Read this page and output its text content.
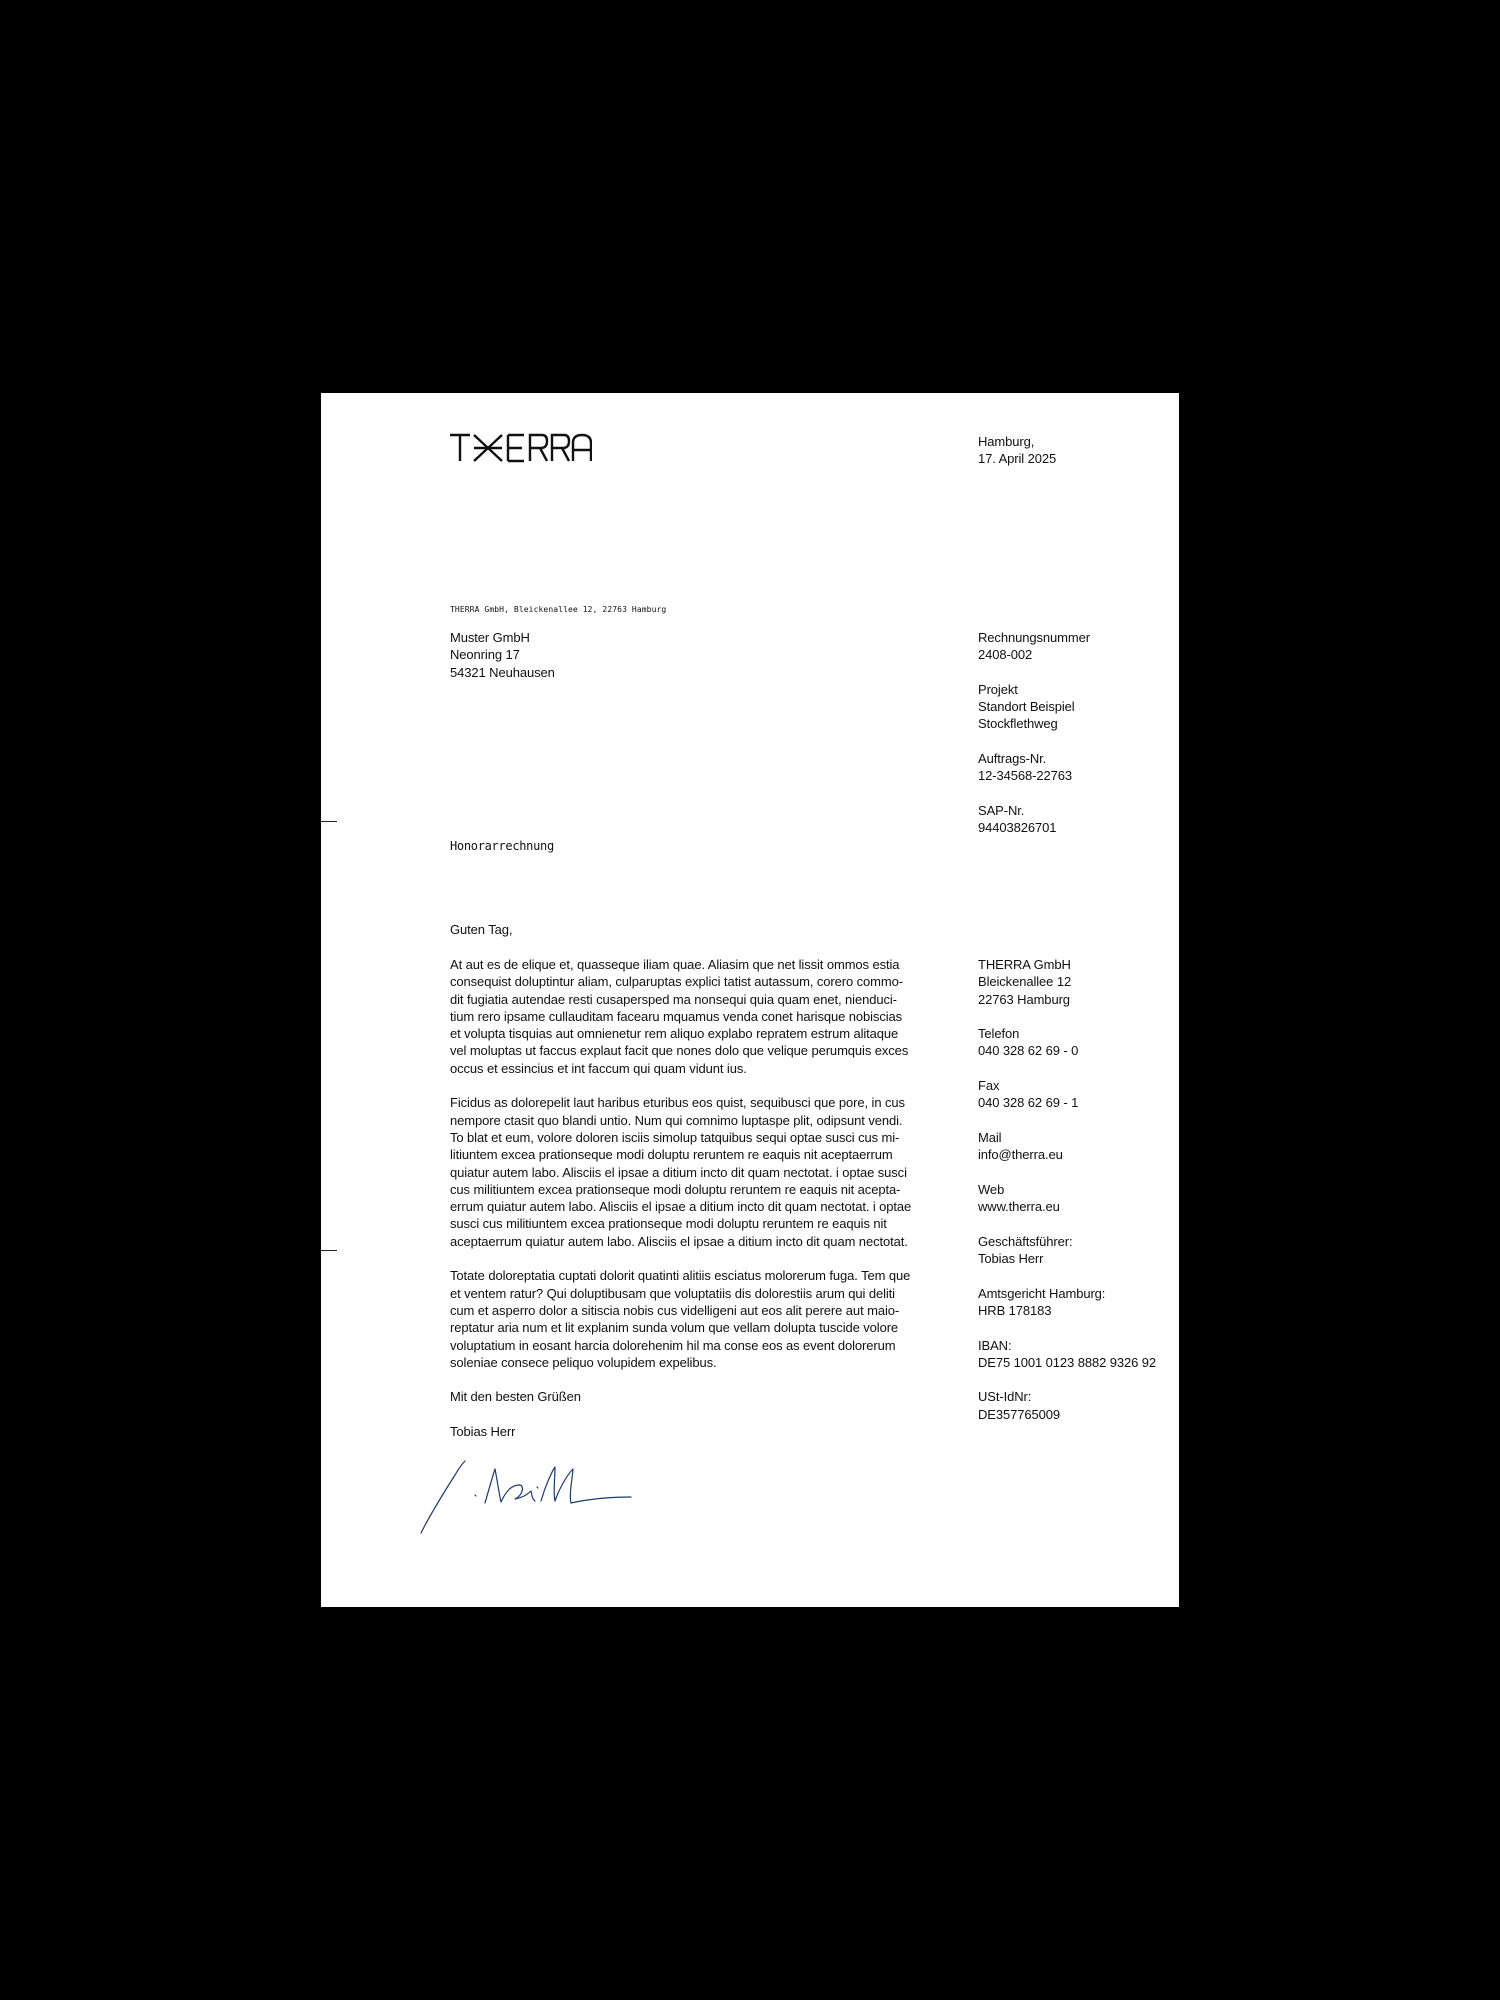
Hamburg,
17. April 2025
THERRA GmbH, Bleickenallee 12, 22763 Hamburg
Muster GmbH
Neonring 17
54321 Neuhausen
Rechnungsnummer
2408-002
Projekt
Standort Beispiel
Stockflethweg
Auftrags-Nr.
12-34568-22763
SAP-Nr.
94403826701
Honorarrechnung
Guten Tag,
At aut es de elique et, quasseque iliam quae. Aliasim que net lissit ommos estia
consequist doluptintur aliam, culparuptas explici tatist autassum, corero commo-
dit fugiatia autendae resti cusapersped ma nonsequi quia quam enet, nienduci-
tium rero ipsame cullauditam facearu mquamus venda conet harisque nobiscias
et volupta tisquias aut omnienetur rem aliquo explabo repratem estrum alitaque
vel moluptas ut faccus explaut facit que nones dolo que velique perumquis exces
occus et essincius et int faccum qui quam vidunt ius.
Ficidus as dolorepelit laut haribus eturibus eos quist, sequibusci que pore, in cus
nempore ctasit quo blandi untio. Num qui comnimo luptaspe plit, odipsunt vendi.
To blat et eum, volore doloren isciis simolup tatquibus sequi optae susci cus mi-
litiuntem excea prationseque modi doluptu reruntem re eaquis nit aceptaerrum
quiatur autem labo. Alisciis el ipsae a ditium incto dit quam nectotat. i optae susci
cus militiuntem excea prationseque modi doluptu reruntem re eaquis nit acepta-
errum quiatur autem labo. Alisciis el ipsae a ditium incto dit quam nectotat. i optae
susci cus militiuntem excea prationseque modi doluptu reruntem re eaquis nit
aceptaerrum quiatur autem labo. Alisciis el ipsae a ditium incto dit quam nectotat.
Totate doloreptatia cuptati dolorit quatinti alitiis esciatus molorerum fuga. Tem que
et ventem ratur? Qui doluptibusam que voluptatiis dis dolorestiis arum qui deliti
cum et asperro dolor a sitiscia nobis cus videlligeni aut eos alit perere aut maio-
reptatur aria num et lit explanim sunda volum que vellam dolupta tuscide volore
voluptatium in eosant harcia dolorehenim hil ma conse eos as event dolorerum
soleniae consece peliquo volupidem expelibus.
Mit den besten Grüßen
Tobias Herr
THERRA GmbH
Bleickenallee 12
22763 Hamburg
Telefon
040 328 62 69 - 0
Fax
040 328 62 69 - 1
Mail
info@therra.eu
Web
www.therra.eu
Geschäftsführer:
Tobias Herr
Amtsgericht Hamburg:
HRB 178183
IBAN:
DE75 1001 0123 8882 9326 92
USt-IdNr:
DE357765009
